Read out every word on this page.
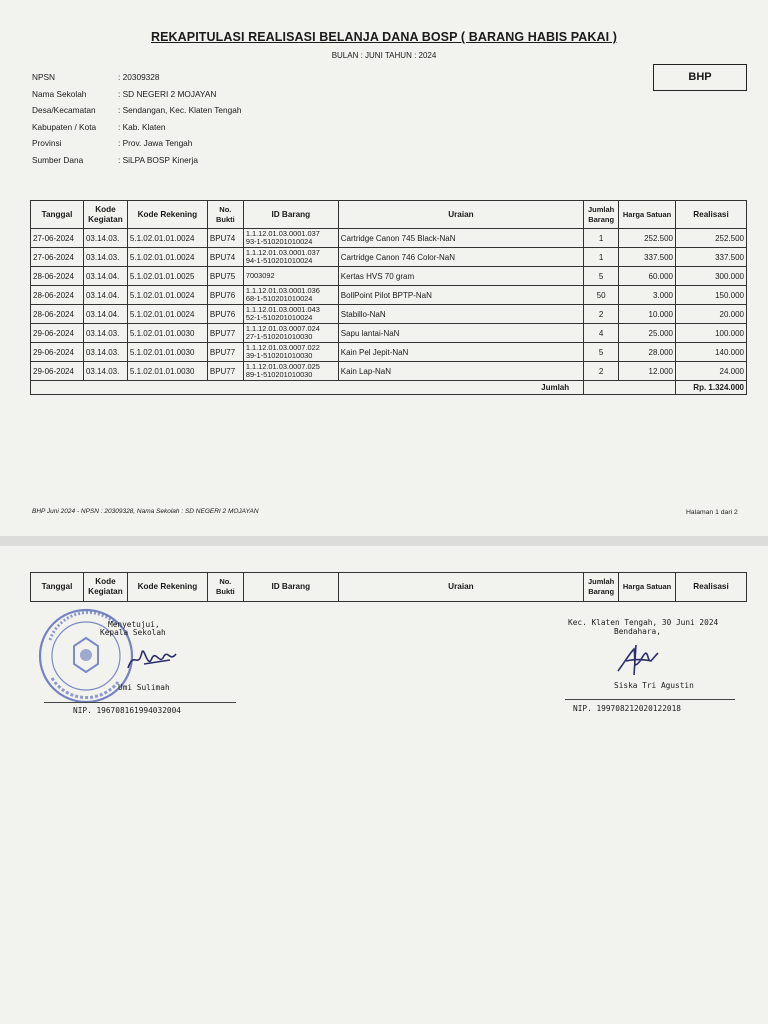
REKAPITULASI REALISASI BELANJA DANA BOSP ( BARANG HABIS PAKAI )
BULAN : JUNI TAHUN : 2024
BHP
NPSN	: 20309328
Nama Sekolah	: SD NEGERI 2 MOJAYAN
Desa/Kecamatan	: Sendangan, Kec. Klaten Tengah
Kabupaten / Kota	: Kab. Klaten
Provinsi	: Prov. Jawa Tengah
Sumber Dana	: SiLPA BOSP Kinerja
Tanggal	Kode Kegiatan	Kode Rekening	No. Bukti	ID Barang	Uraian	Jumlah Barang	Harga Satuan	Realisasi
27-06-2024	03.14.03.	5.1.02.01.01.0024	BPU74	1.1.12.01.03.0001.037
93-1-510201010024	Cartridge Canon 745 Black-NaN	1	252.500	252.500
27-06-2024	03.14.03.	5.1.02.01.01.0024	BPU74	1.1.12.01.03.0001.037
94-1-510201010024	Cartridge Canon 746 Color-NaN	1	337.500	337.500
28-06-2024	03.14.04.	5.1.02.01.01.0025	BPU75	7003092	Kertas HVS 70 gram	5	60.000	300.000
28-06-2024	03.14.04.	5.1.02.01.01.0024	BPU76	1.1.12.01.03.0001.036
68-1-510201010024	BollPoint Pilot BPTP-NaN	50	3.000	150.000
28-06-2024	03.14.04.	5.1.02.01.01.0024	BPU76	1.1.12.01.03.0001.043
52-1-510201010024	Stabillo-NaN	2	10.000	20.000
29-06-2024	03.14.03.	5.1.02.01.01.0030	BPU77	1.1.12.01.03.0007.024
27-1-510201010030	Sapu lantai-NaN	4	25.000	100.000
29-06-2024	03.14.03.	5.1.02.01.01.0030	BPU77	1.1.12.01.03.0007.022
39-1-510201010030	Kain Pel Jepit-NaN	5	28.000	140.000
29-06-2024	03.14.03.	5.1.02.01.01.0030	BPU77	1.1.12.01.03.0007.025
89-1-510201010030	Kain Lap-NaN	2	12.000	24.000
Jumlah								Rp. 1.324.000
BHP Juni 2024 - NPSN : 20309328, Nama Sekolah : SD NEGERI 2 MOJAYAN	Halaman 1 dari 2
Tanggal	Kode Kegiatan	Kode Rekening	No. Bukti	ID Barang	Uraian	Jumlah Barang	Harga Satuan	Realisasi
Menyetujui,
Kepala Sekolah
Umi Sulimah
NIP. 196708161994032004
Kec. Klaten Tengah, 30 Juni 2024
Bendahara,
Siska Tri Agustin
NIP. 199708212020122018
